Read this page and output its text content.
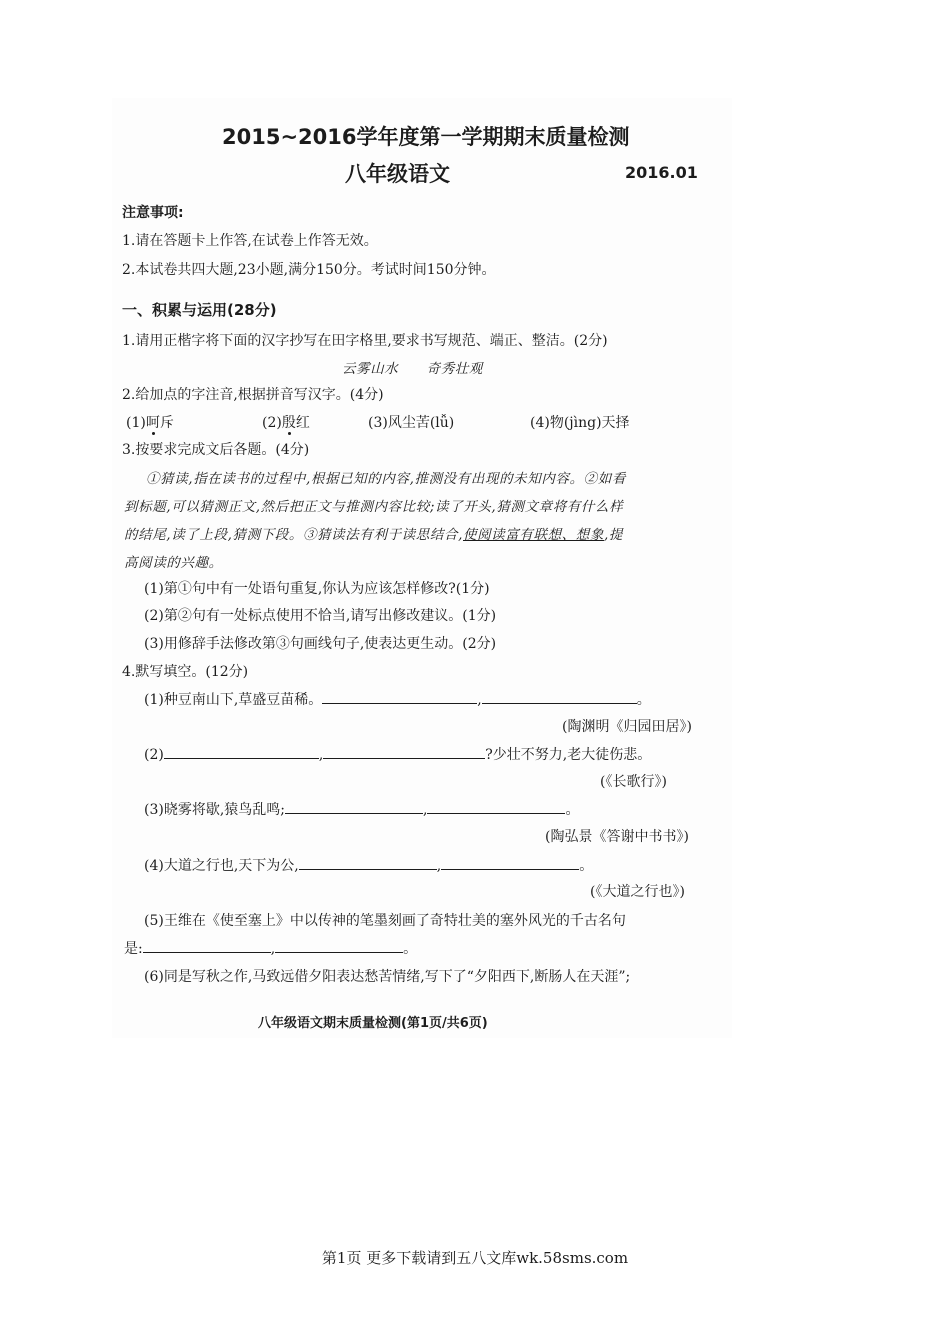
2015~2016学年度第一学期期末质量检测
八年级语文	2016.01
注意事项:
1.请在答题卡上作答,在试卷上作答无效。
2.本试卷共四大题,23小题,满分150分。考试时间150分钟。
一、积累与运用(28分)
1.请用正楷字将下面的汉字抄写在田字格里,要求书写规范、端正、整洁。(2分)
云雾山水　　奇秀壮观
2.给加点的字注音,根据拼音写汉字。(4分)
(1)呵斥	(2)殷红	(3)风尘苦(lǚ)	(4)物(jìng)天择
3.按要求完成文后各题。(4分)
①猜读,指在读书的过程中,根据已知的内容,推测没有出现的未知内容。②如看
到标题,可以猜测正文,然后把正文与推测内容比较;读了开头,猜测文章将有什么样
的结尾,读了上段,猜测下段。③猜读法有利于读思结合,使阅读富有联想、想象,提
高阅读的兴趣。
(1)第①句中有一处语句重复,你认为应该怎样修改?(1分)
(2)第②句有一处标点使用不恰当,请写出修改建议。(1分)
(3)用修辞手法修改第③句画线句子,使表达更生动。(2分)
4.默写填空。(12分)
(1)种豆南山下,草盛豆苗稀。	,	。
(陶渊明《归园田居》)
(2)	,	?少壮不努力,老大徒伤悲。
(《长歌行》)
(3)晓雾将歇,猿鸟乱鸣;	,	。
(陶弘景《答谢中书书》)
(4)大道之行也,天下为公,	,	。
(《大道之行也》)
(5)王维在《使至塞上》中以传神的笔墨刻画了奇特壮美的塞外风光的千古名句
是:	,	。
(6)同是写秋之作,马致远借夕阳表达愁苦情绪,写下了“夕阳西下,断肠人在天涯”;
八年级语文期末质量检测(第1页/共6页)
第1页 更多下载请到五八文库wk.58sms.com
